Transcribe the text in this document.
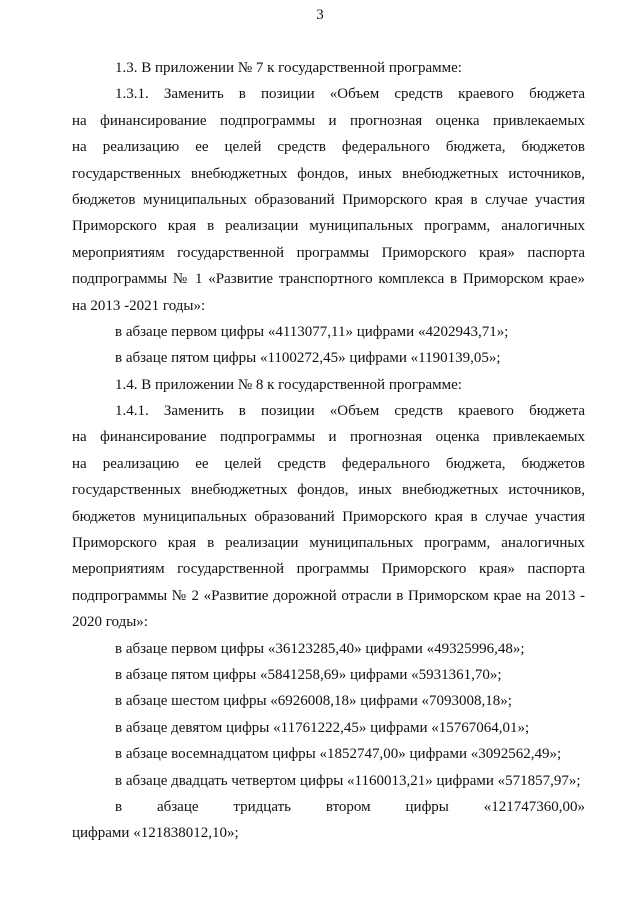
3
1.3. В приложении № 7 к государственной программе:
1.3.1. Заменить в позиции «Объем средств краевого бюджета
на финансирование подпрограммы и прогнозная оценка привлекаемых
на реализацию ее целей средств федерального бюджета, бюджетов
государственных внебюджетных фондов, иных внебюджетных источников,
бюджетов муниципальных образований Приморского края в случае участия
Приморского края в реализации муниципальных программ, аналогичных
мероприятиям государственной программы Приморского края» паспорта
подпрограммы № 1 «Развитие транспортного комплекса в Приморском крае»
на 2013 -2021 годы»:
в абзаце первом цифры «4113077,11» цифрами «4202943,71»;
в абзаце пятом цифры «1100272,45» цифрами «1190139,05»;
1.4. В приложении № 8 к государственной программе:
1.4.1. Заменить в позиции «Объем средств краевого бюджета
на финансирование подпрограммы и прогнозная оценка привлекаемых
на реализацию ее целей средств федерального бюджета, бюджетов
государственных внебюджетных фондов, иных внебюджетных источников,
бюджетов муниципальных образований Приморского края в случае участия
Приморского края в реализации муниципальных программ, аналогичных
мероприятиям государственной программы Приморского края» паспорта
подпрограммы № 2 «Развитие дорожной отрасли в Приморском крае на 2013 -
2020 годы»:
в абзаце первом цифры «36123285,40» цифрами «49325996,48»;
в абзаце пятом цифры «5841258,69» цифрами «5931361,70»;
в абзаце шестом цифры «6926008,18» цифрами «7093008,18»;
в абзаце девятом цифры «11761222,45» цифрами «15767064,01»;
в абзаце восемнадцатом цифры «1852747,00» цифрами «3092562,49»;
в абзаце двадцать четвертом цифры «1160013,21» цифрами «571857,97»;
в абзаце тридцать втором цифры «121747360,00»
цифрами «121838012,10»;
